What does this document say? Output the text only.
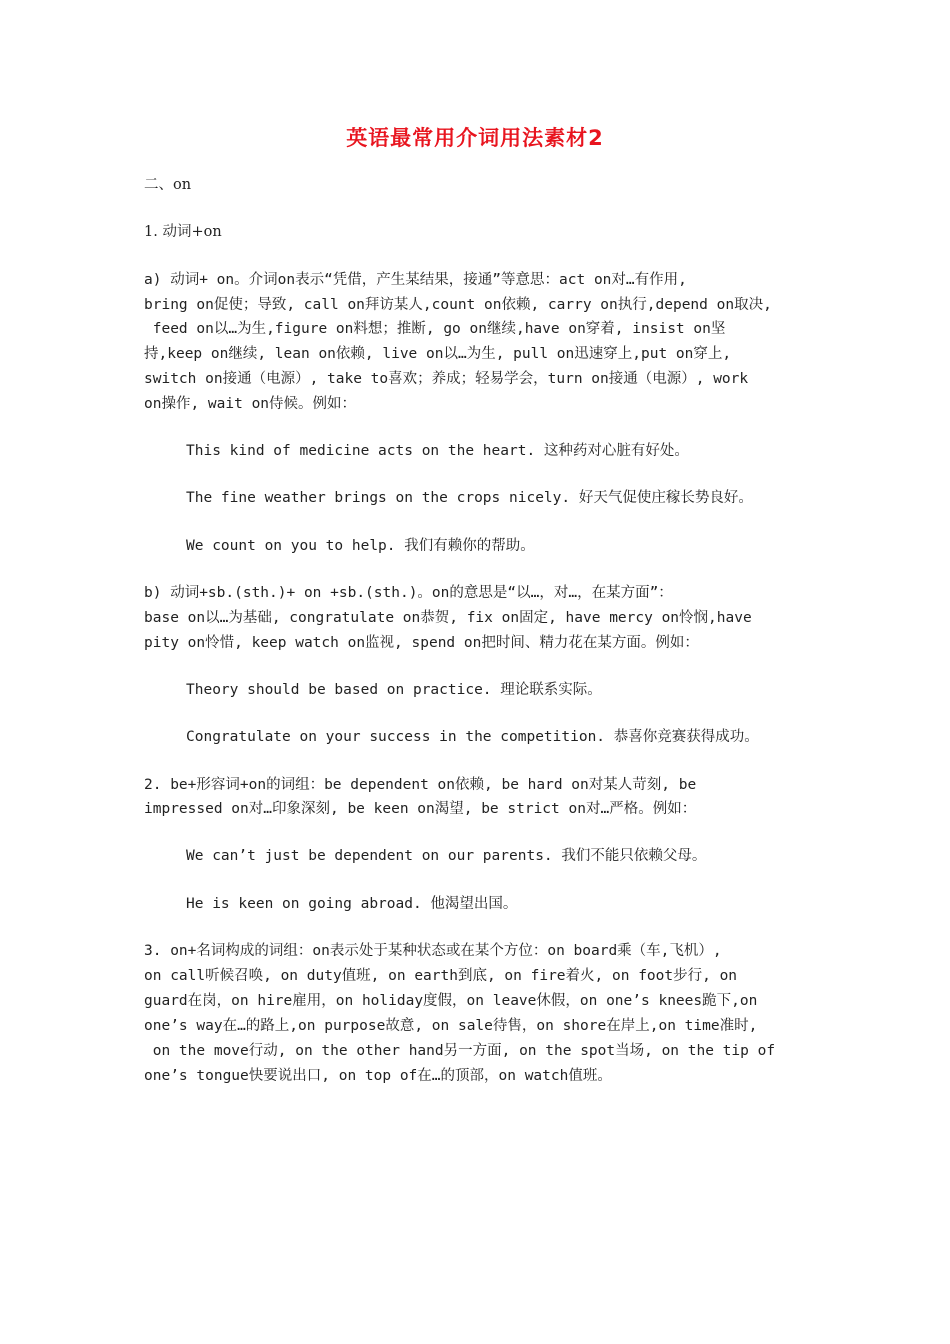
英语最常用介词用法素材2
二、on
1. 动词+on
a) 动词+ on。介词on表示“凭借，产生某结果，接通”等意思：act on对…有作用,
bring on促使；导致, call on拜访某人,count on依赖, carry on执行,depend on取决,
feed on以…为生,figure on料想；推断, go on继续,have on穿着, insist on坚
持,keep on继续, lean on依赖, live on以…为生, pull on迅速穿上,put on穿上,
switch on接通（电源）, take to喜欢；养成；轻易学会，turn on接通（电源）, work
on操作, wait on侍候。例如：
This kind of medicine acts on the heart. 这种药对心脏有好处。
The fine weather brings on the crops nicely. 好天气促使庄稼长势良好。
We count on you to help. 我们有赖你的帮助。
b) 动词+sb.(sth.)+ on +sb.(sth.)。on的意思是“以…，对…，在某方面”：
base on以…为基础, congratulate on恭贺, fix on固定, have mercy on怜悯,have
pity on怜惜, keep watch on监视, spend on把时间、精力花在某方面。例如：
Theory should be based on practice. 理论联系实际。
Congratulate on your success in the competition. 恭喜你竞赛获得成功。
2. be+形容词+on的词组：be dependent on依赖, be hard on对某人苛刻, be
impressed on对…印象深刻, be keen on渴望, be strict on对…严格。例如：
We can’t just be dependent on our parents. 我们不能只依赖父母。
He is keen on going abroad. 他渴望出国。
3. on+名词构成的词组：on表示处于某种状态或在某个方位：on board乘（车,飞机）,
on call听候召唤, on duty值班, on earth到底, on fire着火, on foot步行, on
guard在岗，on hire雇用，on holiday度假，on leave休假，on one’s knees跪下,on
one’s way在…的路上,on purpose故意, on sale待售，on shore在岸上,on time准时,
on the move行动, on the other hand另一方面, on the spot当场, on the tip of
one’s tongue快要说出口, on top of在…的顶部，on watch值班。
